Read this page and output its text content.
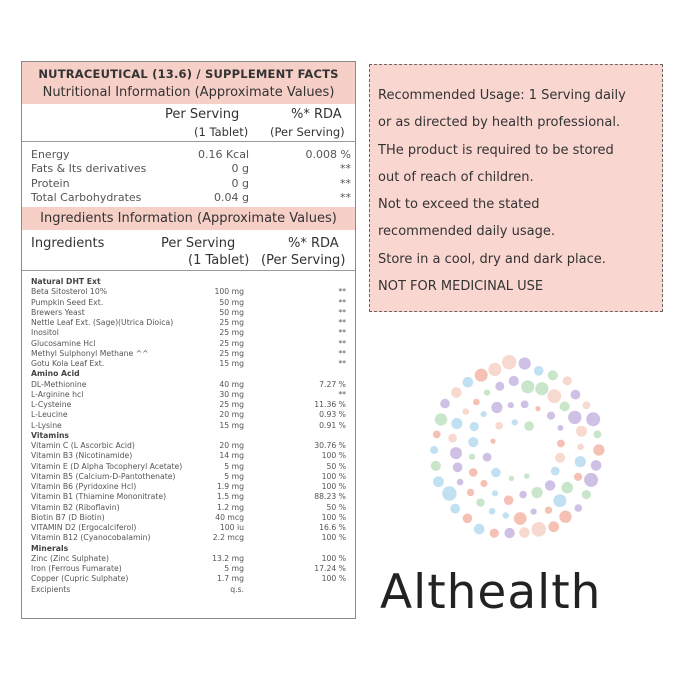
NUTRACEUTICAL (13.6) / SUPPLEMENT FACTS
Nutritional Information (Approximate Values)
Per Serving
(1 Tablet)
%* RDA
(Per Serving)
Energy	0.16 Kcal	0.008 %
Fats & Its derivatives	0 g	**
Protein	0 g	**
Total Carbohydrates	0.04 g	**
Ingredients Information (Approximate Values)
Ingredients	Per Serving
(1 Tablet)
%* RDA
(Per Serving)
Natural DHT Ext
Beta Sitosterol 10%	100 mg	**
Pumpkin Seed Ext.	50 mg	**
Brewers Yeast	50 mg	**
Nettle Leaf Ext. (Sage)(Utrica Dioica)	25 mg	**
Inositol	25 mg	**
Glucosamine Hcl	25 mg	**
Methyl Sulphonyl Methane ^^	25 mg	**
Gotu Kola Leaf Ext.	15 mg	**
Amino Acid
DL-Methionine	40 mg	7.27 %
L-Arginine hcl	30 mg	**
L-Cysteine	25 mg	11.36 %
L-Leucine	20 mg	0.93 %
L-Lysine	15 mg	0.91 %
Vitamins
Vitamin C (L Ascorbic Acid)	20 mg	30.76 %
Vitamin B3 (Nicotinamide)	14 mg	100 %
Vitamin E (D Alpha Tocopheryl Acetate)	5 mg	50 %
Vitamin B5 (Calcium-D-Pantothenate)	5 mg	100 %
Vitamin B6 (Pyridoxine Hcl)	1.9 mg	100 %
Vitamin B1 (Thiamine Mononitrate)	1.5 mg	88.23 %
Vitamin B2 (Riboflavin)	1.2 mg	50 %
Biotin B7 (D Biotin)	40 mcg	100 %
VITAMIN D2 (Ergocalciferol)	100 iu	16.6 %
Vitamin B12 (Cyanocobalamin)	2.2 mcg	100 %
Minerals
Zinc (Zinc Sulphate)	13.2 mg	100 %
Iron (Ferrous Fumarate)	5 mg	17.24 %
Copper (Cupric Sulphate)	1.7 mg	100 %
Excipients	q.s.
Recommended Usage: 1 Serving daily
or as directed by health professional.
THe product is required to be stored
out of reach of children.
Not to exceed the stated
recommended daily usage.
Store in a cool, dry and dark place.
NOT FOR MEDICINAL USE
Althealth
